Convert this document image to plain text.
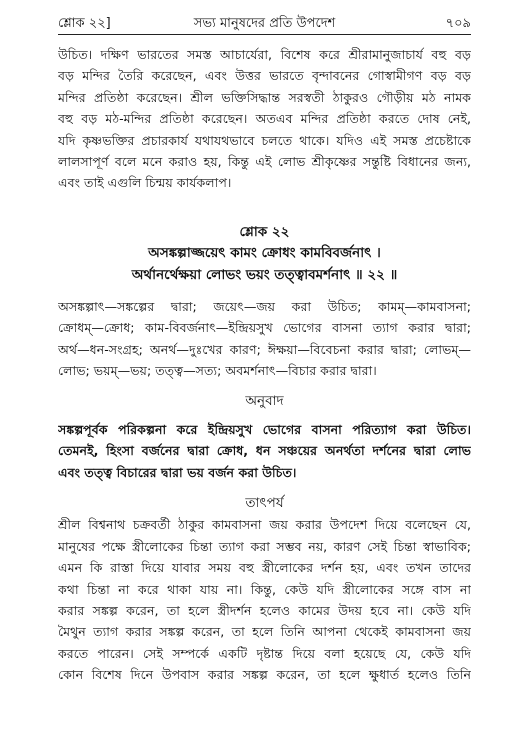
শ্লোক ২২]	সভ্য মানুষদের প্রতি উপদেশ	৭০৯
উচিত। দক্ষিণ ভারতের সমস্ত আচার্যেরা, বিশেষ করে শ্রীরামানুজাচার্য বহু বড়
বড় মন্দির তৈরি করেছেন, এবং উত্তর ভারতে বৃন্দাবনের গোস্বামীগণ বড় বড়
মন্দির প্রতিষ্ঠা করেছেন। শ্রীল ভক্তিসিদ্ধান্ত সরস্বতী ঠাকুরও গৌড়ীয় মঠ নামক
বহু বড় মঠ-মন্দির প্রতিষ্ঠা করেছেন। অতএব মন্দির প্রতিষ্ঠা করতে দোষ নেই,
যদি কৃষ্ণভক্তির প্রচারকার্য যথাযথভাবে চলতে থাকে। যদিও এই সমস্ত প্রচেষ্টাকে
লালসাপূর্ণ বলে মনে করাও হয়, কিন্তু এই লোভ শ্রীকৃষ্ণের সন্তুষ্টি বিধানের জন্য,
এবং তাই এগুলি চিন্ময় কার্যকলাপ।
শ্লোক ২২
অসঙ্কল্পাজ্জয়েৎ কামং ক্রোধং কামবিবর্জনাৎ ।
অর্থানর্থেক্ষয়া লোভং ভয়ং তত্ত্বাবমর্শনাৎ ॥ ২২ ॥
অসঙ্কল্পাৎ—সঙ্কল্পের দ্বারা; জয়েৎ—জয় করা উচিত; কামম্—কামবাসনা;
ক্রোধম্—ক্রোধ; কাম-বিবর্জনাৎ—ইন্দ্রিয়সুখ ভোগের বাসনা ত্যাগ করার দ্বারা;
অর্থ—ধন-সংগ্রহ; অনর্থ—দুঃখের কারণ; ঈক্ষয়া—বিবেচনা করার দ্বারা; লোভম্—
লোভ; ভয়ম্—ভয়; তত্ত্ব—সত্য; অবমর্শনাৎ—বিচার করার দ্বারা।
অনুবাদ
সঙ্কল্পপূর্বক পরিকল্পনা করে ইন্দ্রিয়সুখ ভোগের বাসনা পরিত্যাগ করা উচিত।
তেমনই, হিংসা বর্জনের দ্বারা ক্রোধ, ধন সঞ্চয়ের অনর্থতা দর্শনের দ্বারা লোভ
এবং তত্ত্ব বিচারের দ্বারা ভয় বর্জন করা উচিত।
তাৎপর্য
শ্রীল বিশ্বনাথ চক্রবর্তী ঠাকুর কামবাসনা জয় করার উপদেশ দিয়ে বলেছেন যে,
মানুষের পক্ষে স্ত্রীলোকের চিন্তা ত্যাগ করা সম্ভব নয়, কারণ সেই চিন্তা স্বাভাবিক;
এমন কি রাস্তা দিয়ে যাবার সময় বহু স্ত্রীলোকের দর্শন হয়, এবং তখন তাদের
কথা চিন্তা না করে থাকা যায় না। কিন্তু, কেউ যদি স্ত্রীলোকের সঙ্গে বাস না
করার সঙ্কল্প করেন, তা হলে স্ত্রীদর্শন হলেও কামের উদয় হবে না। কেউ যদি
মৈথুন ত্যাগ করার সঙ্কল্প করেন, তা হলে তিনি আপনা থেকেই কামবাসনা জয়
করতে পারেন। সেই সম্পর্কে একটি দৃষ্টান্ত দিয়ে বলা হয়েছে যে, কেউ যদি
কোন বিশেষ দিনে উপবাস করার সঙ্কল্প করেন, তা হলে ক্ষুধার্ত হলেও তিনি
